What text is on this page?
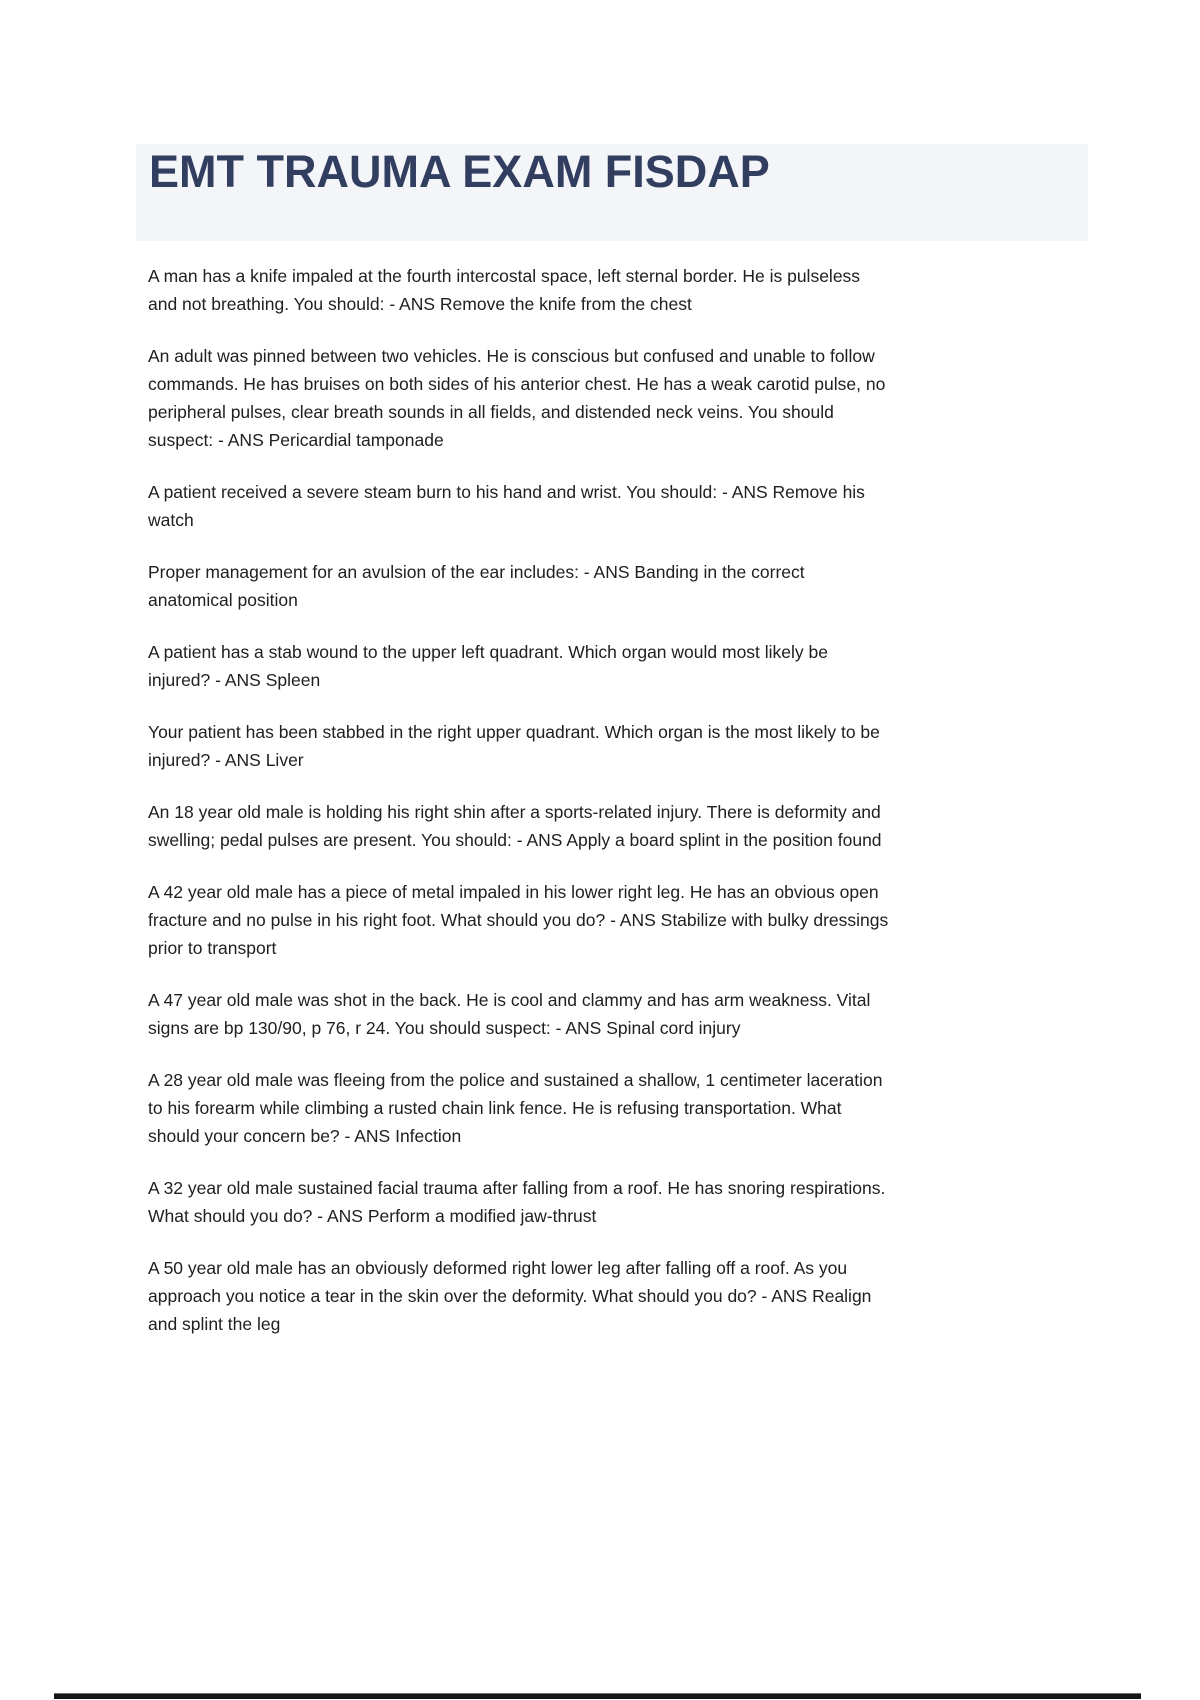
EMT TRAUMA EXAM FISDAP

A man has a knife impaled at the fourth intercostal space, left sternal border. He is pulseless
and not breathing. You should: - ANS Remove the knife from the chest

An adult was pinned between two vehicles. He is conscious but confused and unable to follow
commands. He has bruises on both sides of his anterior chest. He has a weak carotid pulse, no
peripheral pulses, clear breath sounds in all fields, and distended neck veins. You should
suspect: - ANS Pericardial tamponade

A patient received a severe steam burn to his hand and wrist. You should: - ANS Remove his
watch

Proper management for an avulsion of the ear includes: - ANS Banding in the correct
anatomical position

A patient has a stab wound to the upper left quadrant. Which organ would most likely be
injured? - ANS Spleen

Your patient has been stabbed in the right upper quadrant. Which organ is the most likely to be
injured? - ANS Liver

An 18 year old male is holding his right shin after a sports-related injury. There is deformity and
swelling; pedal pulses are present. You should: - ANS Apply a board splint in the position found

A 42 year old male has a piece of metal impaled in his lower right leg. He has an obvious open
fracture and no pulse in his right foot. What should you do? - ANS Stabilize with bulky dressings
prior to transport

A 47 year old male was shot in the back. He is cool and clammy and has arm weakness. Vital
signs are bp 130/90, p 76, r 24. You should suspect: - ANS Spinal cord injury

A 28 year old male was fleeing from the police and sustained a shallow, 1 centimeter laceration
to his forearm while climbing a rusted chain link fence. He is refusing transportation. What
should your concern be? - ANS Infection

A 32 year old male sustained facial trauma after falling from a roof. He has snoring respirations.
What should you do? - ANS Perform a modified jaw-thrust

A 50 year old male has an obviously deformed right lower leg after falling off a roof. As you
approach you notice a tear in the skin over the deformity. What should you do? - ANS Realign
and splint the leg
